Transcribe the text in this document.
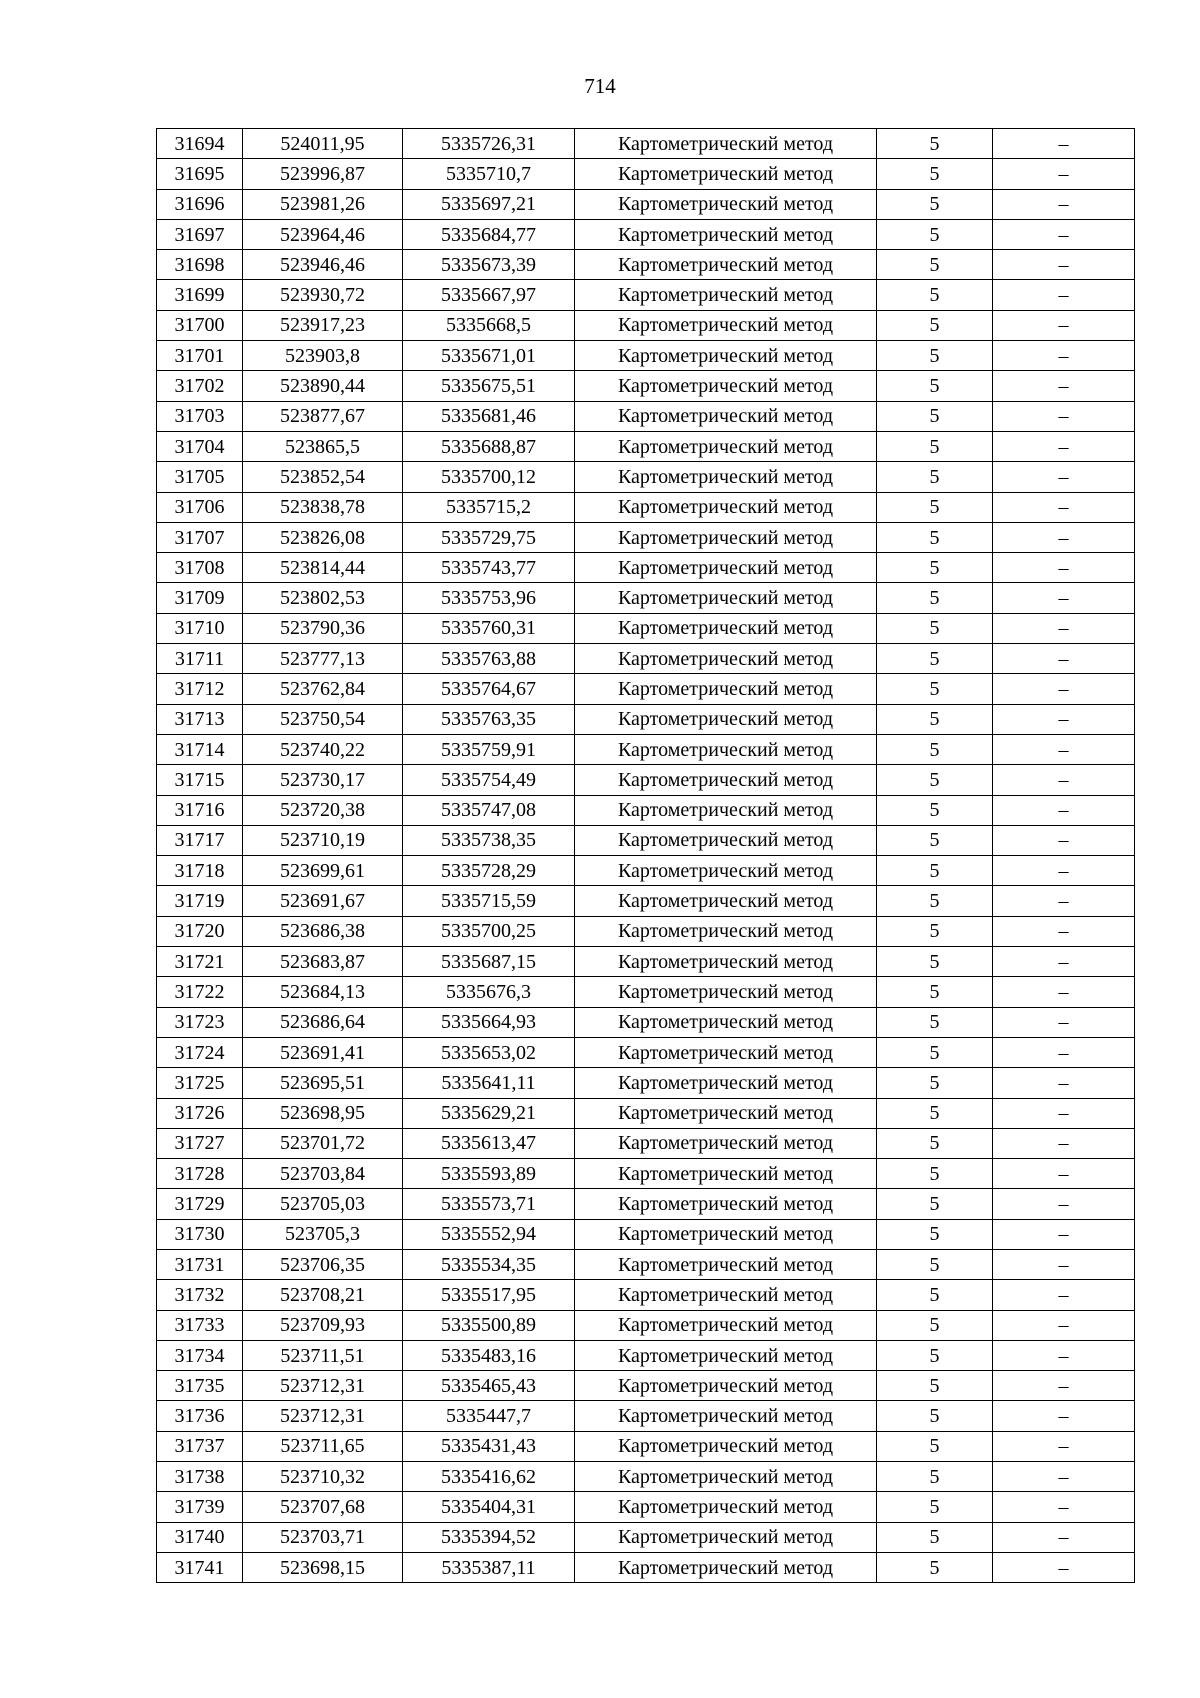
714
31694	524011,95	5335726,31	Картометрический метод	5	–
31695	523996,87	5335710,7	Картометрический метод	5	–
31696	523981,26	5335697,21	Картометрический метод	5	–
31697	523964,46	5335684,77	Картометрический метод	5	–
31698	523946,46	5335673,39	Картометрический метод	5	–
31699	523930,72	5335667,97	Картометрический метод	5	–
31700	523917,23	5335668,5	Картометрический метод	5	–
31701	523903,8	5335671,01	Картометрический метод	5	–
31702	523890,44	5335675,51	Картометрический метод	5	–
31703	523877,67	5335681,46	Картометрический метод	5	–
31704	523865,5	5335688,87	Картометрический метод	5	–
31705	523852,54	5335700,12	Картометрический метод	5	–
31706	523838,78	5335715,2	Картометрический метод	5	–
31707	523826,08	5335729,75	Картометрический метод	5	–
31708	523814,44	5335743,77	Картометрический метод	5	–
31709	523802,53	5335753,96	Картометрический метод	5	–
31710	523790,36	5335760,31	Картометрический метод	5	–
31711	523777,13	5335763,88	Картометрический метод	5	–
31712	523762,84	5335764,67	Картометрический метод	5	–
31713	523750,54	5335763,35	Картометрический метод	5	–
31714	523740,22	5335759,91	Картометрический метод	5	–
31715	523730,17	5335754,49	Картометрический метод	5	–
31716	523720,38	5335747,08	Картометрический метод	5	–
31717	523710,19	5335738,35	Картометрический метод	5	–
31718	523699,61	5335728,29	Картометрический метод	5	–
31719	523691,67	5335715,59	Картометрический метод	5	–
31720	523686,38	5335700,25	Картометрический метод	5	–
31721	523683,87	5335687,15	Картометрический метод	5	–
31722	523684,13	5335676,3	Картометрический метод	5	–
31723	523686,64	5335664,93	Картометрический метод	5	–
31724	523691,41	5335653,02	Картометрический метод	5	–
31725	523695,51	5335641,11	Картометрический метод	5	–
31726	523698,95	5335629,21	Картометрический метод	5	–
31727	523701,72	5335613,47	Картометрический метод	5	–
31728	523703,84	5335593,89	Картометрический метод	5	–
31729	523705,03	5335573,71	Картометрический метод	5	–
31730	523705,3	5335552,94	Картометрический метод	5	–
31731	523706,35	5335534,35	Картометрический метод	5	–
31732	523708,21	5335517,95	Картометрический метод	5	–
31733	523709,93	5335500,89	Картометрический метод	5	–
31734	523711,51	5335483,16	Картометрический метод	5	–
31735	523712,31	5335465,43	Картометрический метод	5	–
31736	523712,31	5335447,7	Картометрический метод	5	–
31737	523711,65	5335431,43	Картометрический метод	5	–
31738	523710,32	5335416,62	Картометрический метод	5	–
31739	523707,68	5335404,31	Картометрический метод	5	–
31740	523703,71	5335394,52	Картометрический метод	5	–
31741	523698,15	5335387,11	Картометрический метод	5	–
